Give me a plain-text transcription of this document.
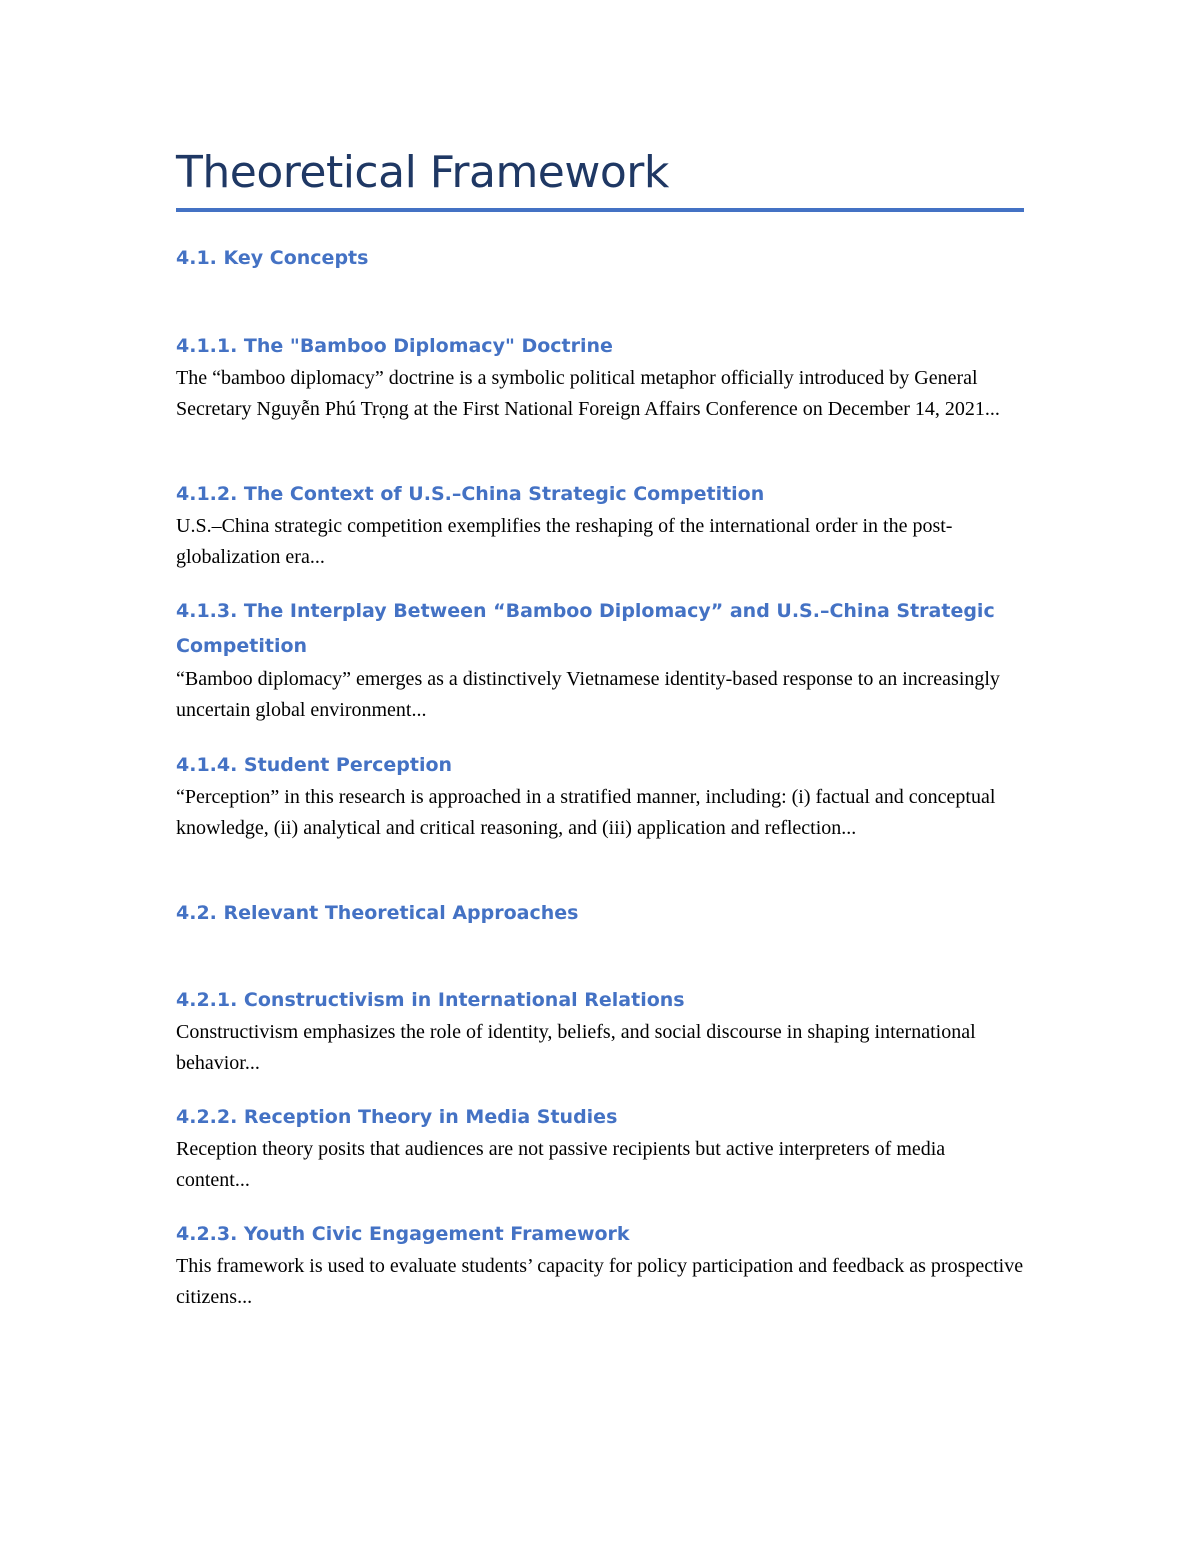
Theoretical Framework
4.1. Key Concepts
4.1.1. The "Bamboo Diplomacy" Doctrine

The “bamboo diplomacy” doctrine is a symbolic political metaphor officially introduced by General Secretary Nguyễn Phú Trọng at the First National Foreign Affairs Conference on December 14, 2021...

4.1.2. The Context of U.S.–China Strategic Competition

U.S.–China strategic competition exemplifies the reshaping of the international order in the post-globalization era...

4.1.3. The Interplay Between “Bamboo Diplomacy” and U.S.–China Strategic Competition

“Bamboo diplomacy” emerges as a distinctively Vietnamese identity-based response to an increasingly uncertain global environment...

4.1.4. Student Perception

“Perception” in this research is approached in a stratified manner, including: (i) factual and conceptual knowledge, (ii) analytical and critical reasoning, and (iii) application and reflection...

4.2. Relevant Theoretical Approaches
4.2.1. Constructivism in International Relations

Constructivism emphasizes the role of identity, beliefs, and social discourse in shaping international behavior...

4.2.2. Reception Theory in Media Studies

Reception theory posits that audiences are not passive recipients but active interpreters of media content...

4.2.3. Youth Civic Engagement Framework

This framework is used to evaluate students’ capacity for policy participation and feedback as prospective citizens...
